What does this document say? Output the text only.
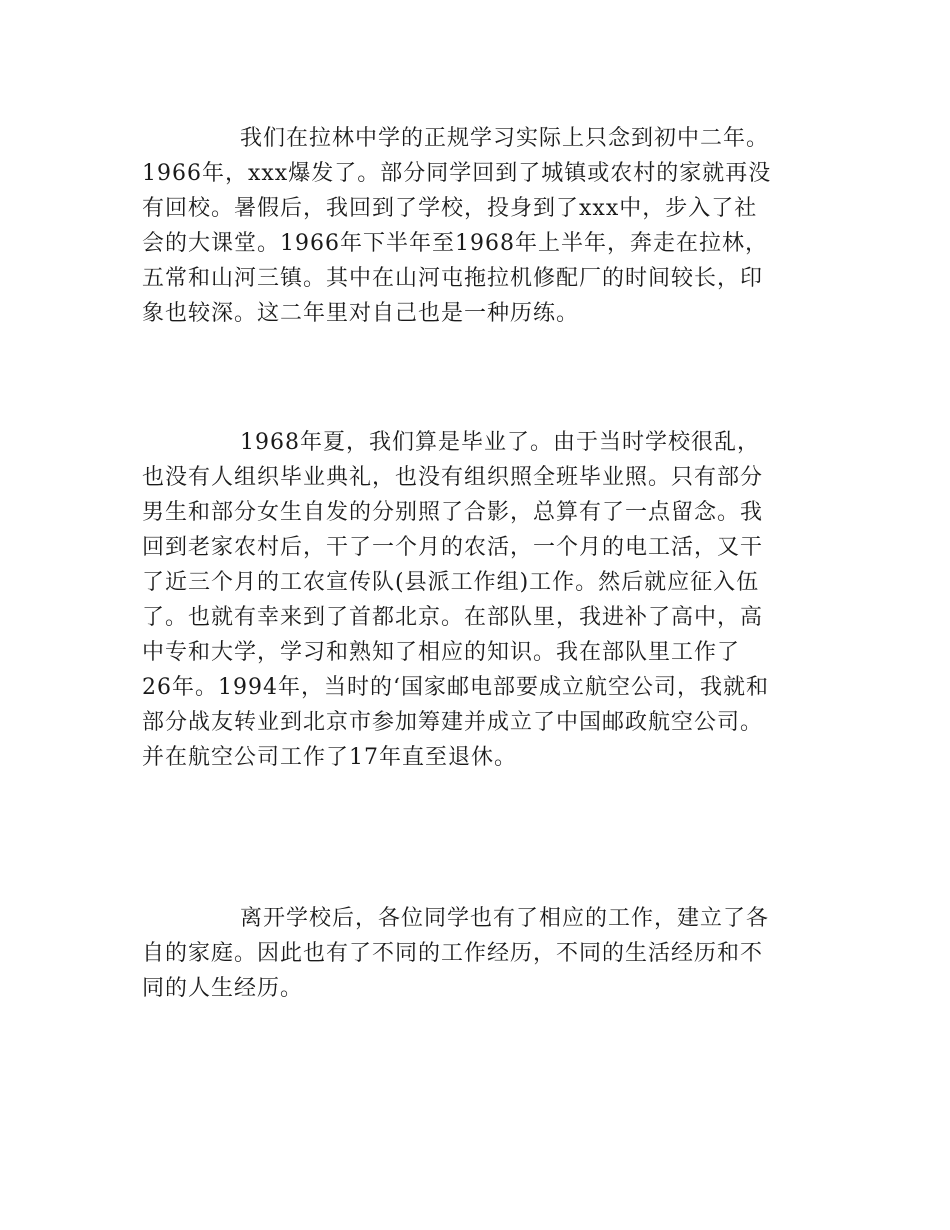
我们在拉林中学的正规学习实际上只念到初中二年。
1966年，xxx爆发了。部分同学回到了城镇或农村的家就再没
有回校。暑假后，我回到了学校，投身到了xxx中，步入了社
会的大课堂。1966年下半年至1968年上半年，奔走在拉林，
五常和山河三镇。其中在山河屯拖拉机修配厂的时间较长，印
象也较深。这二年里对自己也是一种历练。
1968年夏，我们算是毕业了。由于当时学校很乱，
也没有人组织毕业典礼，也没有组织照全班毕业照。只有部分
男生和部分女生自发的分别照了合影，总算有了一点留念。我
回到老家农村后，干了一个月的农活，一个月的电工活，又干
了近三个月的工农宣传队(县派工作组)工作。然后就应征入伍
了。也就有幸来到了首都北京。在部队里，我进补了高中，高
中专和大学，学习和熟知了相应的知识。我在部队里工作了
26年。1994年，当时的‘国家邮电部要成立航空公司，我就和
部分战友转业到北京市参加筹建并成立了中国邮政航空公司。
并在航空公司工作了17年直至退休。
离开学校后，各位同学也有了相应的工作，建立了各
自的家庭。因此也有了不同的工作经历，不同的生活经历和不
同的人生经历。
